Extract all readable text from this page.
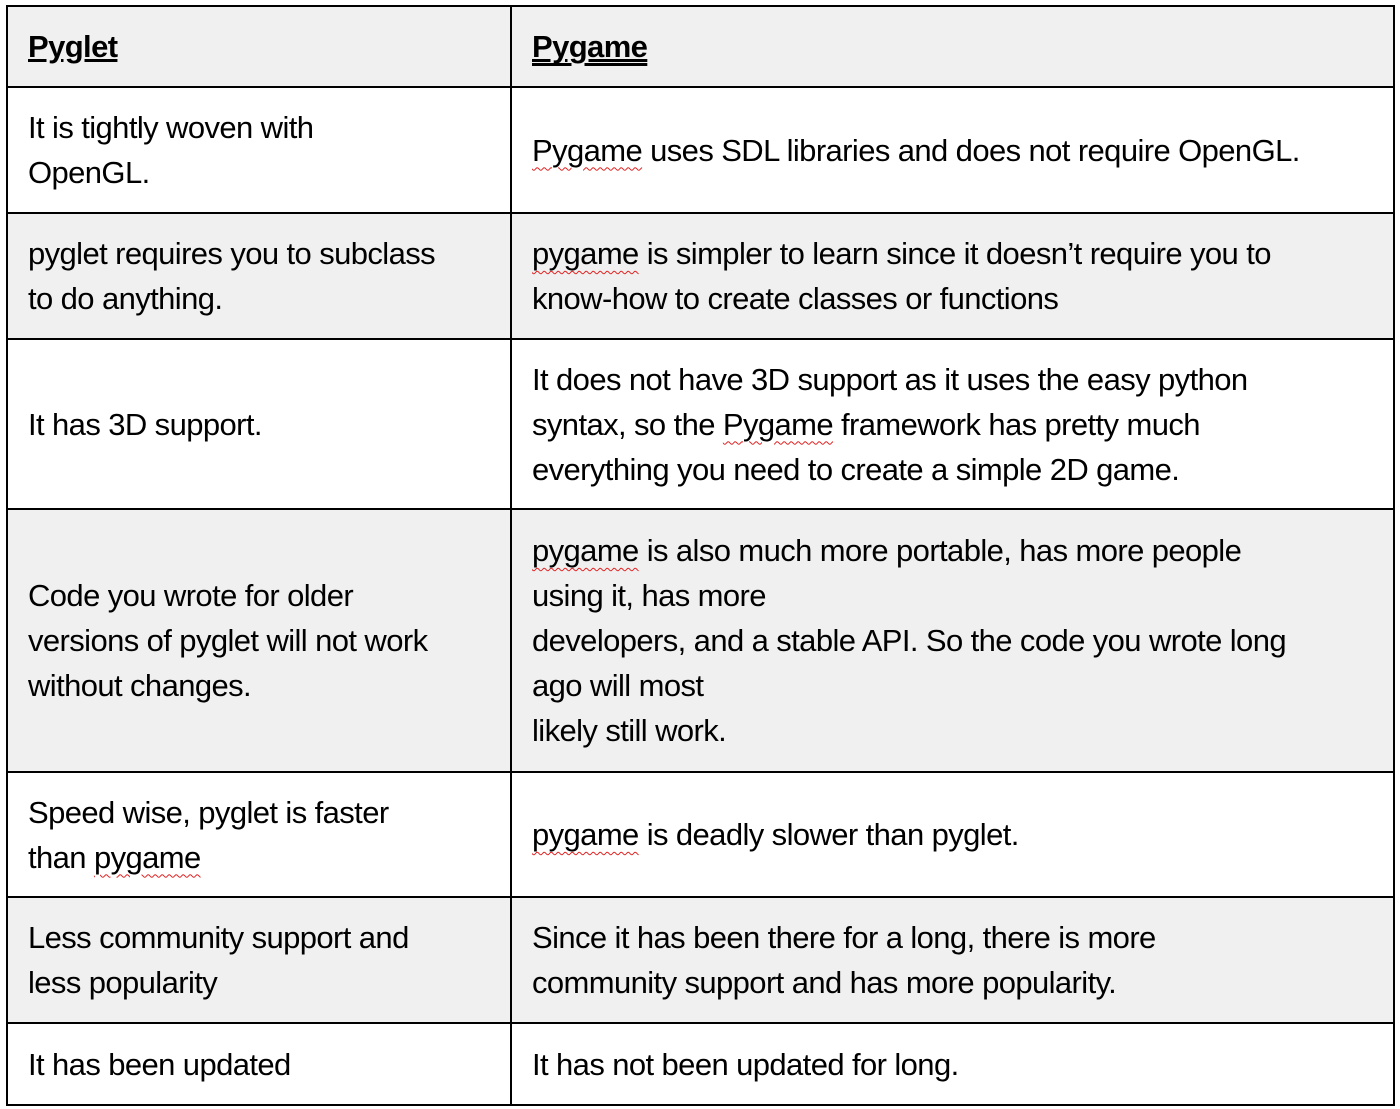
Pyglet	Pygame

It is tightly woven with
OpenGL.	Pygame uses SDL libraries and does not require OpenGL.

pyglet requires you to subclass
to do anything.	pygame is simpler to learn since it doesn’t require you to
know-how to create classes or functions

It has 3D support.	It does not have 3D support as it uses the easy python
syntax, so the Pygame framework has pretty much
everything you need to create a simple 2D game.

Code you wrote for older
versions of pyglet will not work
without changes.	pygame is also much more portable, has more people
using it, has more
developers, and a stable API. So the code you wrote long
ago will most
likely still work.

Speed wise, pyglet is faster
than pygame	pygame is deadly slower than pyglet.

Less community support and
less popularity	Since it has been there for a long, there is more
community support and has more popularity.

It has been updated	It has not been updated for long.
